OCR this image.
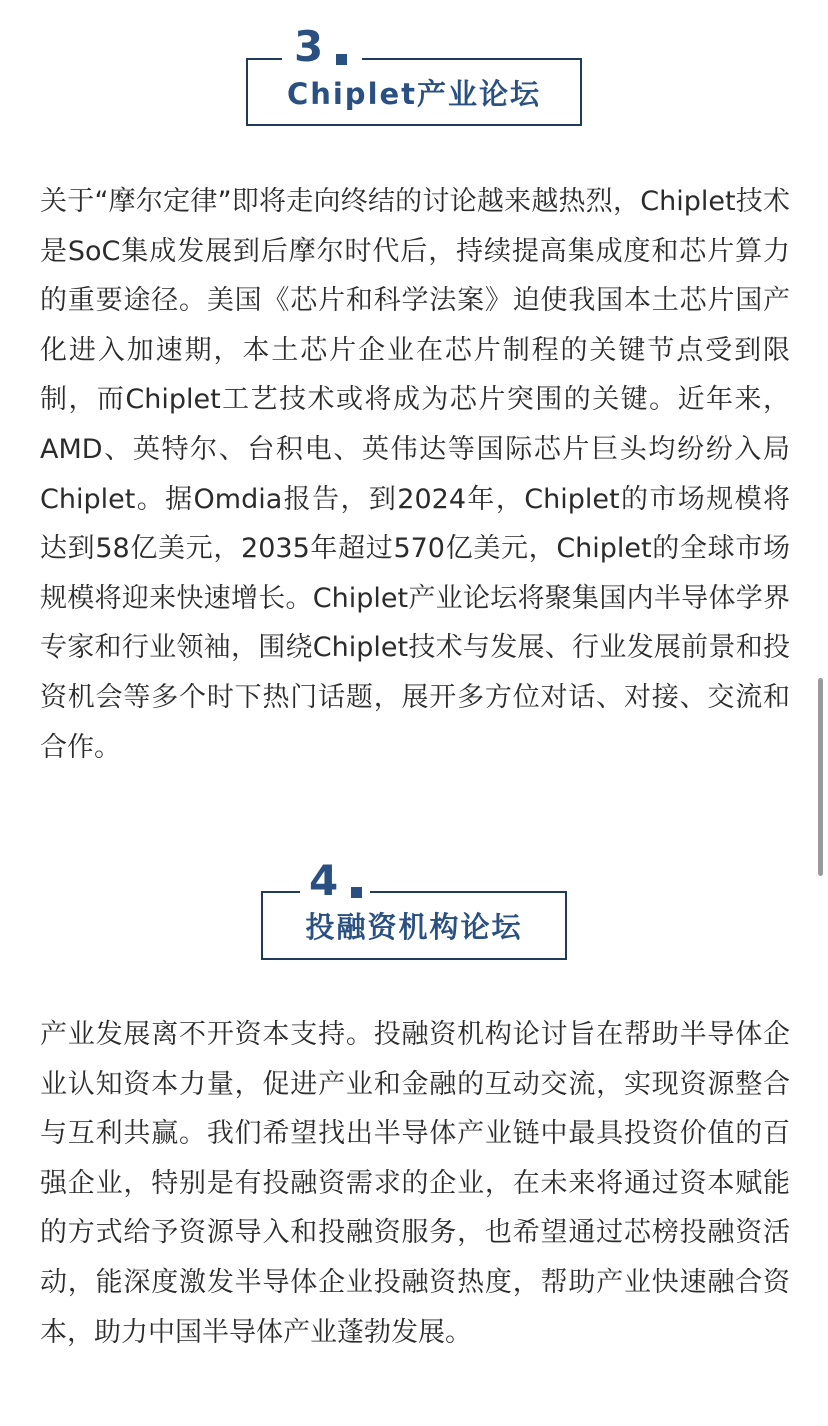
Chiplet产业论坛
3

关于“摩尔定律”即将走向终结的讨论越来越热烈，Chiplet技术是SoC集成发展到后摩尔时代后，持续提高集成度和芯片算力的重要途径。美国《芯片和科学法案》迫使我国本土芯片国产化进入加速期，本土芯片企业在芯片制程的关键节点受到限制，而Chiplet工艺技术或将成为芯片突围的关键。近年来，AMD、英特尔、台积电、英伟达等国际芯片巨头均纷纷入局Chiplet。据Omdia报告，到2024年，Chiplet的市场规模将达到58亿美元，2035年超过570亿美元，Chiplet的全球市场规模将迎来快速增长。Chiplet产业论坛将聚集国内半导体学界专家和行业领袖，围绕Chiplet技术与发展、行业发展前景和投资机会等多个时下热门话题，展开多方位对话、对接、交流和合作。

投融资机构论坛
4

产业发展离不开资本支持。投融资机构论讨旨在帮助半导体企业认知资本力量，促进产业和金融的互动交流，实现资源整合与互利共赢。我们希望找出半导体产业链中最具投资价值的百强企业，特别是有投融资需求的企业，在未来将通过资本赋能的方式给予资源导入和投融资服务，也希望通过芯榜投融资活动，能深度激发半导体企业投融资热度，帮助产业快速融合资本，助力中国半导体产业蓬勃发展。
